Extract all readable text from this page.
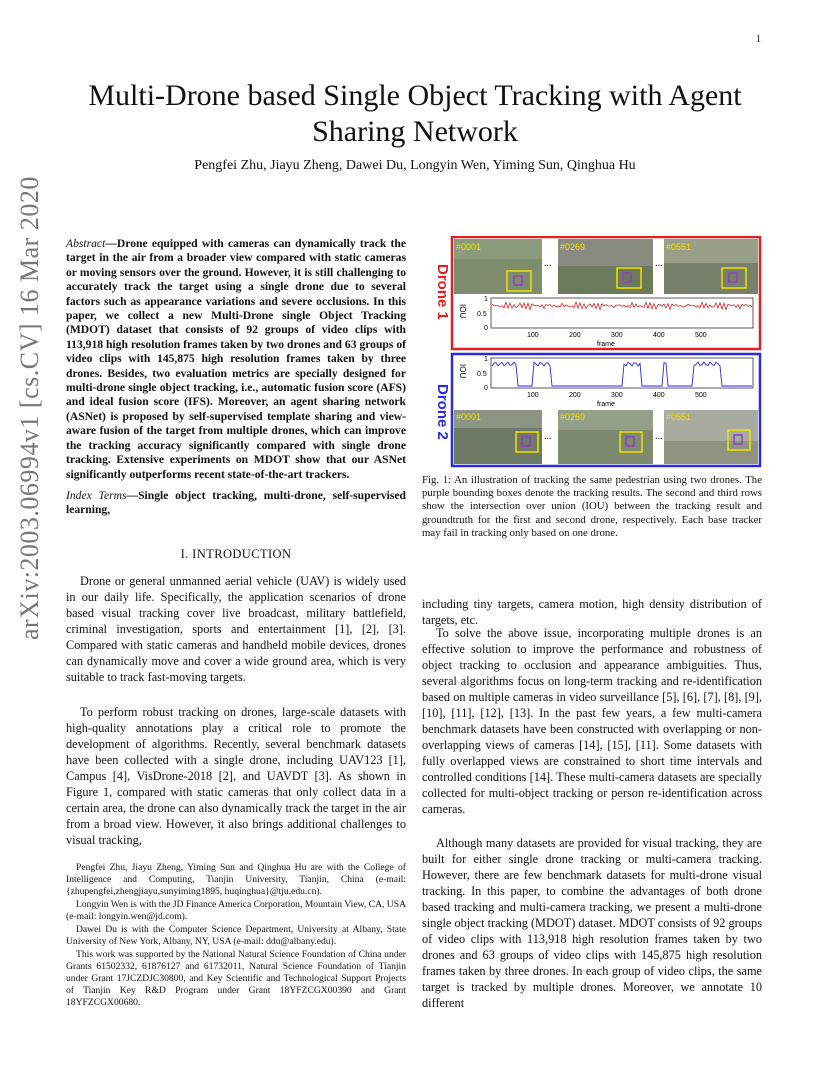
1
arXiv:2003.06994v1 [cs.CV] 16 Mar 2020
Multi-Drone based Single Object Tracking with Agent Sharing Network
Pengfei Zhu, Jiayu Zheng, Dawei Du, Longyin Wen, Yiming Sun, Qinghua Hu
Abstract—Drone equipped with cameras can dynamically track the target in the air from a broader view compared with static cameras or moving sensors over the ground. However, it is still challenging to accurately track the target using a single drone due to several factors such as appearance variations and severe occlusions. In this paper, we collect a new Multi-Drone single Object Tracking (MDOT) dataset that consists of 92 groups of video clips with 113,918 high resolution frames taken by two drones and 63 groups of video clips with 145,875 high resolution frames taken by three drones. Besides, two evaluation metrics are specially designed for multi-drone single object tracking, i.e., automatic fusion score (AFS) and ideal fusion score (IFS). Moreover, an agent sharing network (ASNet) is proposed by self-supervised template sharing and view-aware fusion of the target from multiple drones, which can improve the tracking accuracy significantly compared with single drone tracking. Extensive experiments on MDOT show that our ASNet significantly outperforms recent state-of-the-art trackers.
Index Terms—Single object tracking, multi-drone, self-supervised learning,
I. INTRODUCTION

Drone or general unmanned aerial vehicle (UAV) is widely used in our daily life. Specifically, the application scenarios of drone based visual tracking cover live broadcast, military battlefield, criminal investigation, sports and entertainment [1], [2], [3]. Compared with static cameras and handheld mobile devices, drones can dynamically move and cover a wide ground area, which is very suitable to track fast-moving targets.

To perform robust tracking on drones, large-scale datasets with high-quality annotations play a critical role to promote the development of algorithms. Recently, several benchmark datasets have been collected with a single drone, including UAV123 [1], Campus [4], VisDrone-2018 [2], and UAVDT [3]. As shown in Figure 1, compared with static cameras that only collect data in a certain area, the drone can also dynamically track the target in the air from a broad view. However, it also brings additional challenges to visual tracking,

Pengfei Zhu, Jiayu Zheng, Yiming Sun and Qinghua Hu are with the College of Intelligence and Computing, Tianjin University, Tianjin, China (e-mail: {zhupengfei,zhengjiayu,sunyiming1895, huqinghua}@tju.edu.cn).

Longyin Wen is with the JD Finance America Corporation, Mountain View, CA, USA (e-mail: longyin.wen@jd.com).

Dawei Du is with the Computer Science Department, University at Albany, State University of New York, Albany, NY, USA (e-mail: ddu@albany.edu).

This work was supported by the National Natural Science Foundation of China under Grants 61502332, 61876127 and 61732011, Natural Science Foundation of Tianjin under Grant 17JCZDJC30800, and Key Scientific and Technological Support Projects of Tianjin Key R&D Program under Grant 18YFZCGX00390 and Grant 18YFZCGX00680.

Drone 1
#0001
...
#0269
...
#0551
IOU
1
0.5
0
100	200	300	400	500
frame
Drone 2
IOU
1
0.5
0
100	200	300	400	500
frame
#0001
...
#0269
...
#0551
Fig. 1: An illustration of tracking the same pedestrian using two drones. The purple bounding boxes denote the tracking results. The second and third rows show the intersection over union (IOU) between the tracking result and groundtruth for the first and second drone, respectively. Each base tracker may fail in tracking only based on one drone.

including tiny targets, camera motion, high density distribution of targets, etc.

To solve the above issue, incorporating multiple drones is an effective solution to improve the performance and robustness of object tracking to occlusion and appearance ambiguities. Thus, several algorithms focus on long-term tracking and re-identification based on multiple cameras in video surveillance [5], [6], [7], [8], [9], [10], [11], [12], [13]. In the past few years, a few multi-camera benchmark datasets have been constructed with overlapping or non-overlapping views of cameras [14], [15], [11]. Some datasets with fully overlapped views are constrained to short time intervals and controlled conditions [14]. These multi-camera datasets are specially collected for multi-object tracking or person re-identification across cameras.

Although many datasets are provided for visual tracking, they are built for either single drone tracking or multi-camera tracking. However, there are few benchmark datasets for multi-drone visual tracking. In this paper, to combine the advantages of both drone based tracking and multi-camera tracking, we present a multi-drone single object tracking (MDOT) dataset. MDOT consists of 92 groups of video clips with 113,918 high resolution frames taken by two drones and 63 groups of video clips with 145,875 high resolution frames taken by three drones. In each group of video clips, the same target is tracked by multiple drones. Moreover, we annotate 10 different
